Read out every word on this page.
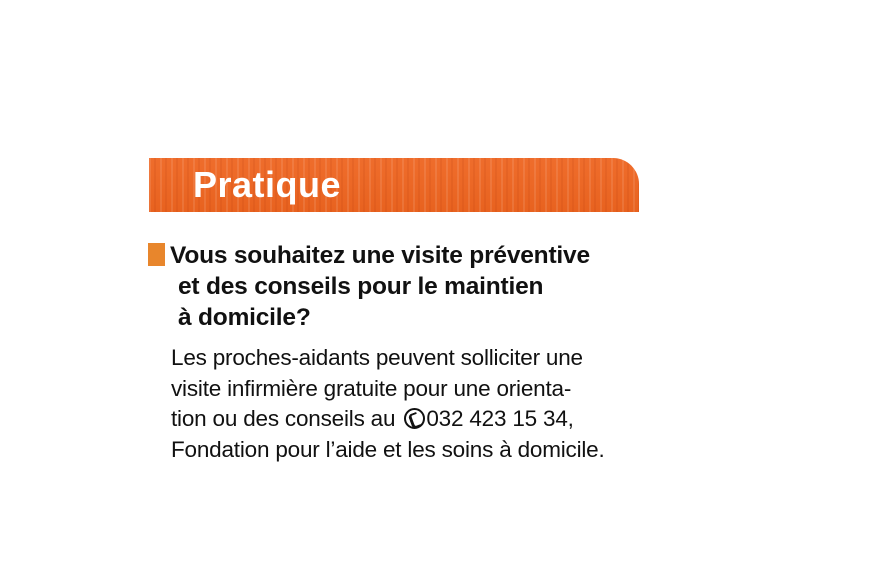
Pratique
Vous souhaitez une visite préventive
et des conseils pour le maintien
à domicile?
Les proches-aidants peuvent solliciter une
visite infirmière gratuite pour une orienta-
tion ou des conseils au 032 423 15 34,
Fondation pour l’aide et les soins à domicile.
